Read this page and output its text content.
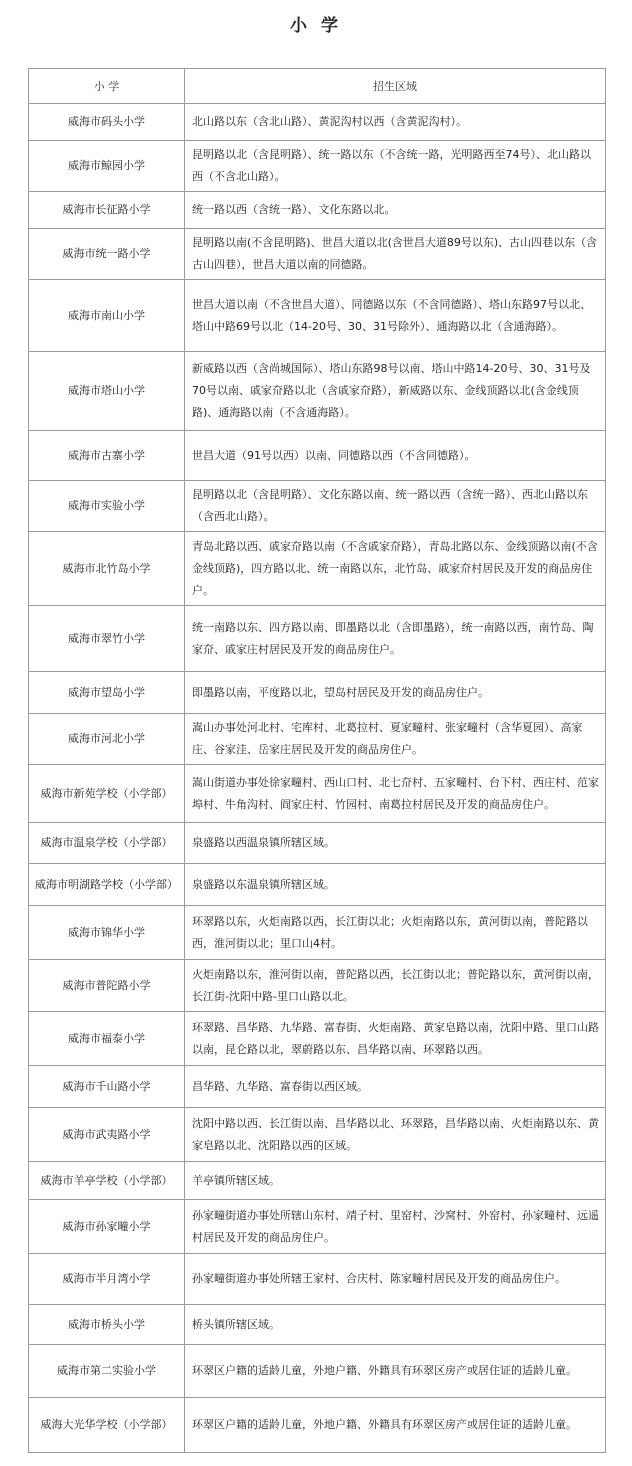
小 学
小 学	招生区域
威海市码头小学	北山路以东（含北山路）、黄泥沟村以西（含黄泥沟村）。
威海市鲸园小学	昆明路以北（含昆明路）、统一路以东（不含统一路，光明路西至74号）、北山路以西（不含北山路）。
威海市长征路小学	统一路以西（含统一路）、文化东路以北。
威海市统一路小学	昆明路以南(不含昆明路)、世昌大道以北(含世昌大道89号以东)、古山四巷以东（含古山四巷），世昌大道以南的同德路。
威海市南山小学	世昌大道以南（不含世昌大道）、同德路以东（不含同德路）、塔山东路97号以北、塔山中路69号以北（14-20号、30、31号除外）、通海路以北（含通海路）。
威海市塔山小学	新威路以西（含尚城国际）、塔山东路98号以南、塔山中路14-20号、30、31号及70号以南、戚家夼路以北（含戚家夼路），新威路以东、金线顶路以北(含金线顶路)、通海路以南（不含通海路）。
威海市古寨小学	世昌大道（91号以西）以南、同德路以西（不含同德路）。
威海市实验小学	昆明路以北（含昆明路）、文化东路以南、统一路以西（含统一路）、西北山路以东（含西北山路）。
威海市北竹岛小学	青岛北路以西、戚家夼路以南（不含戚家夼路），青岛北路以东、金线顶路以南(不含金线顶路)，四方路以北、统一南路以东，北竹岛、戚家夼村居民及开发的商品房住户。
威海市翠竹小学	统一南路以东、四方路以南、即墨路以北（含即墨路），统一南路以西，南竹岛、陶家夼、戚家庄村居民及开发的商品房住户。
威海市望岛小学	即墨路以南，平度路以北，望岛村居民及开发的商品房住户。
威海市河北小学	嵩山办事处河北村、宅库村、北葛拉村、夏家疃村、张家疃村（含华夏园）、高家庄、谷家洼、岳家庄居民及开发的商品房住户。
威海市新苑学校（小学部）	嵩山街道办事处徐家疃村、西山口村、北七夼村、五家疃村、台下村、西庄村、范家埠村、牛角沟村、阎家庄村、竹园村、南葛拉村居民及开发的商品房住户。
威海市温泉学校（小学部）	泉盛路以西温泉镇所辖区域。
威海市明湖路学校（小学部）	泉盛路以东温泉镇所辖区域。
威海市锦华小学	环翠路以东，火炬南路以西，长江街以北；火炬南路以东，黄河街以南，普陀路以西，淮河街以北；里口山4村。
威海市普陀路小学	火炬南路以东，淮河街以南，普陀路以西，长江街以北；普陀路以东，黄河街以南，长江街-沈阳中路-里口山路以北。
威海市福泰小学	环翠路、昌华路、九华路、富春街、火炬南路、黄家皂路以南，沈阳中路、里口山路以南，昆仑路以北，翠蔚路以东、昌华路以南、环翠路以西。
威海市千山路小学	昌华路、九华路、富春街以西区域。
威海市武夷路小学	沈阳中路以西、长江街以南、昌华路以北、环翠路，昌华路以南、火炬南路以东、黄家皂路以北、沈阳路以西的区域。
威海市羊亭学校（小学部）	羊亭镇所辖区域。
威海市孙家疃小学	孙家疃街道办事处所辖山东村、靖子村、里窑村、沙窝村、外窑村、孙家疃村、远遥村居民及开发的商品房住户。
威海市半月湾小学	孙家疃街道办事处所辖王家村、合庆村、陈家疃村居民及开发的商品房住户。
威海市桥头小学	桥头镇所辖区域。
威海市第二实验小学	环翠区户籍的适龄儿童，外地户籍、外籍具有环翠区房产或居住证的适龄儿童。
威海大光华学校（小学部）	环翠区户籍的适龄儿童，外地户籍、外籍具有环翠区房产或居住证的适龄儿童。
